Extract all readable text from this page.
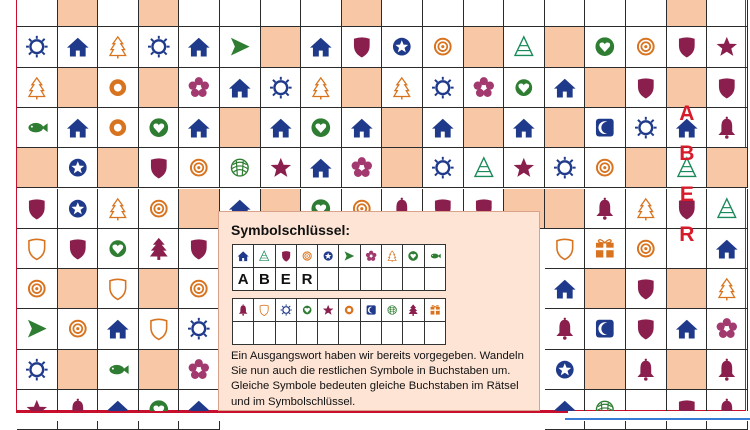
A
B
E
R
Symbolschlüssel:
A B E R
Ein Ausgangswort haben wir bereits vorgegeben. Wandeln Sie nun auch die restlichen Symbole in Buchstaben um. Gleiche Symbole bedeuten gleiche Buchstaben im Rätsel und im Symbolschlüssel.
